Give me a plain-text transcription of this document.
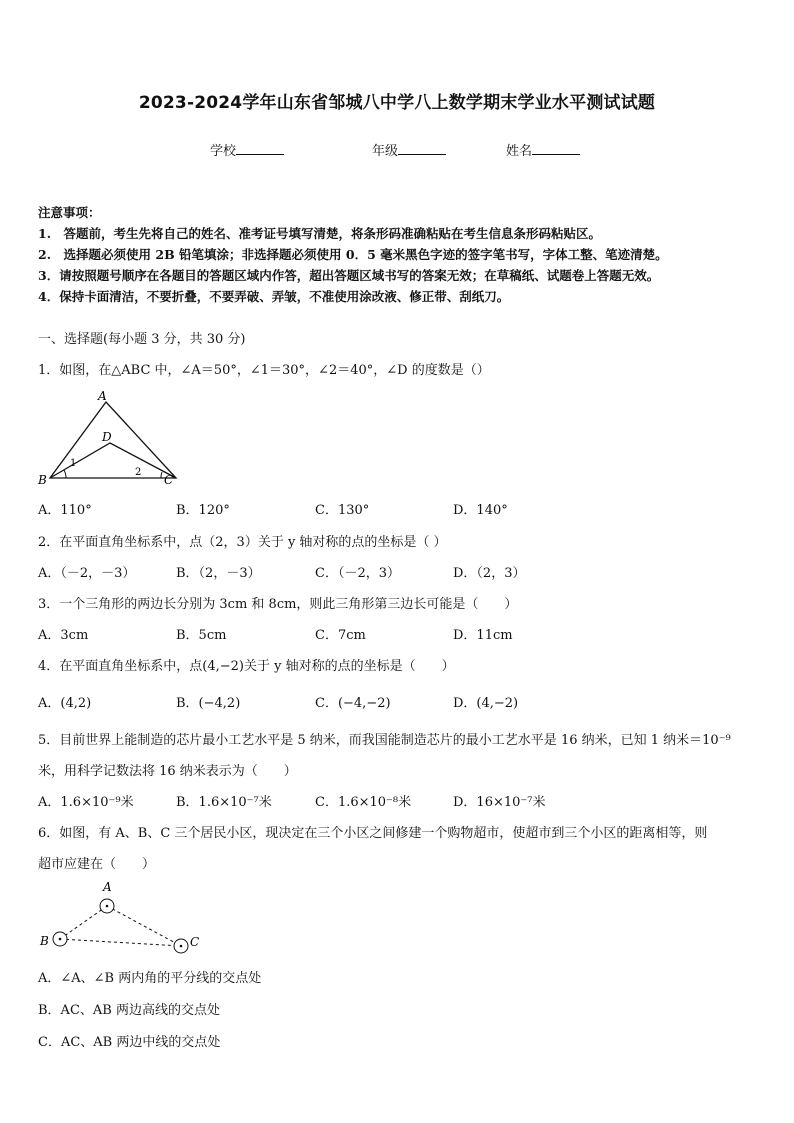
2023-2024学年山东省邹城八中学八上数学期末学业水平测试试题
学校	年级	姓名
注意事项：
1.　答题前，考生先将自己的姓名、准考证号填写清楚，将条形码准确粘贴在考生信息条形码粘贴区。
2.　选择题必须使用 2B 铅笔填涂；非选择题必须使用 0．5 毫米黑色字迹的签字笔书写，字体工整、笔迹清楚。
3．请按照题号顺序在各题目的答题区域内作答，超出答题区域书写的答案无效；在草稿纸、试题卷上答题无效。
4．保持卡面清洁，不要折叠，不要弄破、弄皱，不准使用涂改液、修正带、刮纸刀。
一、选择题(每小题 3 分，共 30 分)
1．如图，在△ABC 中，∠A＝50°，∠1＝30°，∠2＝40°，∠D 的度数是（）
A
B	C
D
1
2
A．110°	B．120°	C．130°	D．140°
2．在平面直角坐标系中，点（2，3）关于 y 轴对称的点的坐标是（ ）
A．（－2，－3）	B．（2，－3）	C．（－2，3）	D．（2，3）
3．一个三角形的两边长分别为 3cm 和 8cm，则此三角形第三边长可能是（　　）
A．3cm	B．5cm	C．7cm	D．11cm
4．在平面直角坐标系中，点(4,−2)关于 y 轴对称的点的坐标是（　　）
A．(4,2)	B．(−4,2)	C．(−4,−2)	D．(4,−2)
5．目前世界上能制造的芯片最小工艺水平是 5 纳米，而我国能制造芯片的最小工艺水平是 16 纳米，已知 1 纳米＝10⁻⁹
米，用科学记数法将 16 纳米表示为（　　）
A．1.6×10⁻⁹米	B．1.6×10⁻⁷米	C．1.6×10⁻⁸米	D．16×10⁻⁷米
6．如图，有 A、B、C 三个居民小区，现决定在三个小区之间修建一个购物超市，使超市到三个小区的距离相等，则
超市应建在（　　）
A
B	C
A．∠A、∠B 两内角的平分线的交点处
B．AC、AB 两边高线的交点处
C．AC、AB 两边中线的交点处
